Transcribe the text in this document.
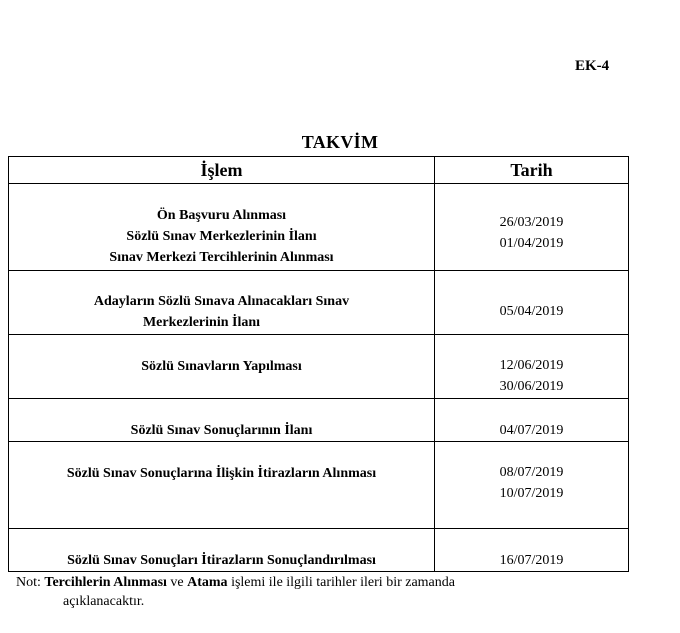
EK-4
TAKVİM
İşlem	Tarih

Ön Başvuru Alınması
Sözlü Sınav Merkezlerinin İlanı
Sınav Merkezi Tercihlerinin Alınması	26/03/2019
01/04/2019

Adayların Sözlü Sınava Alınacakları Sınav
Merkezlerinin İlanı	05/04/2019

Sözlü Sınavların Yapılması	12/06/2019
30/06/2019

Sözlü Sınav Sonuçlarının İlanı	04/07/2019

Sözlü Sınav Sonuçlarına İlişkin İtirazların Alınması	08/07/2019
10/07/2019

Sözlü Sınav Sonuçları İtirazların Sonuçlandırılması	16/07/2019
Not: Tercihlerin Alınması ve Atama işlemi ile ilgili tarihler ileri bir zamanda
açıklanacaktır.
